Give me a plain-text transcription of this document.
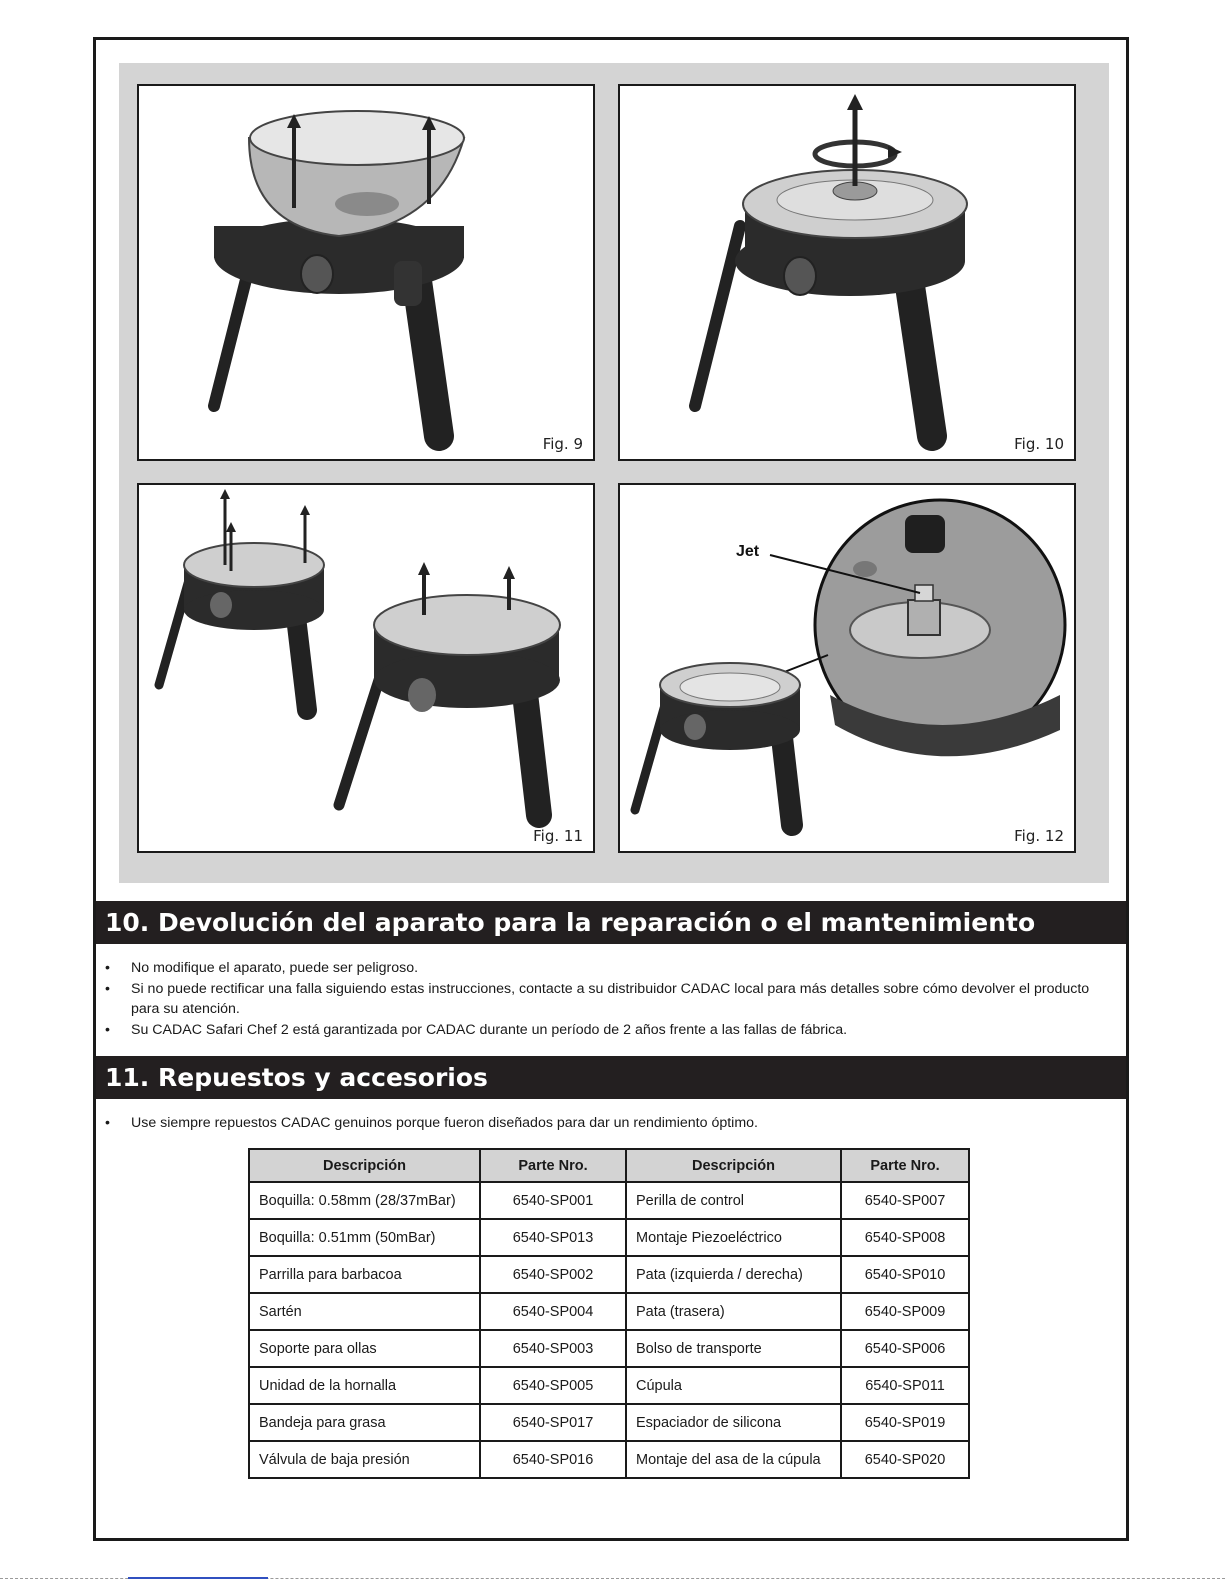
Fig. 9	Fig. 10
Fig. 11
Jet
Fig. 12
10. Devolución del aparato para la reparación o el mantenimiento
• No modifique el aparato, puede ser peligroso.
• Si no puede rectificar una falla siguiendo estas instrucciones, contacte a su distribuidor CADAC local para más detalles sobre cómo devolver el producto para su atención.
• Su CADAC Safari Chef 2 está garantizada por CADAC durante un período de 2 años frente a las fallas de fábrica.
11. Repuestos y accesorios
• Use siempre repuestos CADAC genuinos porque fueron diseñados para dar un rendimiento óptimo.
Descripción	Parte Nro.	Descripción	Parte Nro.
Boquilla: 0.58mm (28/37mBar)	6540-SP001	Perilla de control	6540-SP007
Boquilla: 0.51mm (50mBar)	6540-SP013	Montaje Piezoeléctrico	6540-SP008
Parrilla para barbacoa	6540-SP002	Pata (izquierda / derecha)	6540-SP010
Sartén	6540-SP004	Pata (trasera)	6540-SP009
Soporte para ollas	6540-SP003	Bolso de transporte	6540-SP006
Unidad de la hornalla	6540-SP005	Cúpula	6540-SP011
Bandeja para grasa	6540-SP017	Espaciador de silicona	6540-SP019
Válvula de baja presión	6540-SP016	Montaje del asa de la cúpula	6540-SP020
